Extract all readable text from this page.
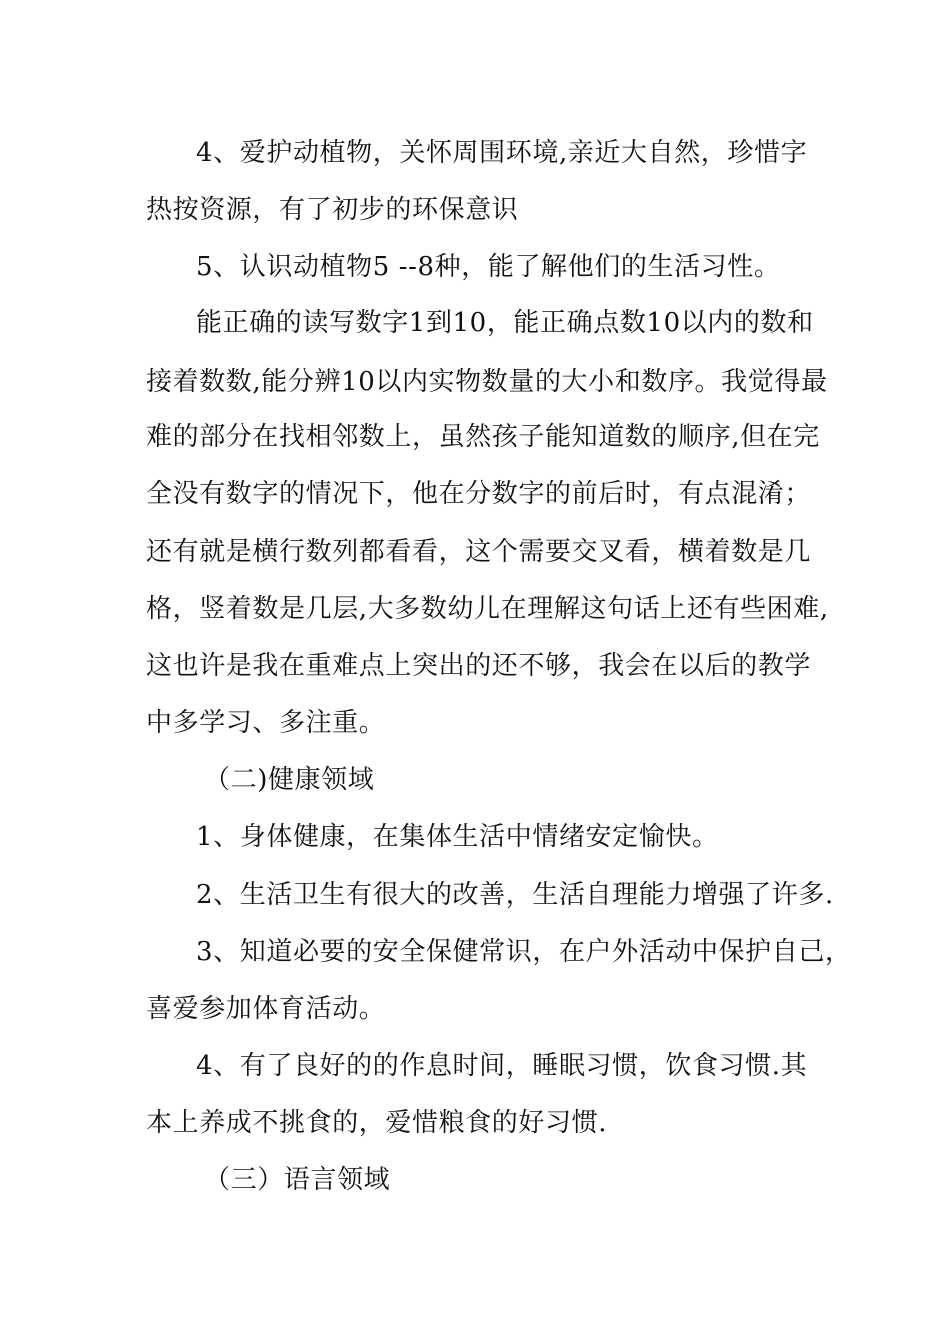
4、爱护动植物，关怀周围环境,亲近大自然，珍惜字

热按资源，有了初步的环保意识

5、认识动植物5 --8种，能了解他们的生活习性。

能正确的读写数字1到10，能正确点数10以内的数和

接着数数,能分辨10以内实物数量的大小和数序。我觉得最

难的部分在找相邻数上，虽然孩子能知道数的顺序,但在完

全没有数字的情况下，他在分数字的前后时，有点混淆；

还有就是横行数列都看看，这个需要交叉看，横着数是几

格，竖着数是几层,大多数幼儿在理解这句话上还有些困难,

这也许是我在重难点上突出的还不够，我会在以后的教学

中多学习、多注重。

（二)健康领域

1、身体健康，在集体生活中情绪安定愉快。

2、生活卫生有很大的改善，生活自理能力增强了许多.

3、知道必要的安全保健常识，在户外活动中保护自己，

喜爱参加体育活动。

4、有了良好的的作息时间，睡眠习惯，饮食习惯.其

本上养成不挑食的，爱惜粮食的好习惯.

（三）语言领域
